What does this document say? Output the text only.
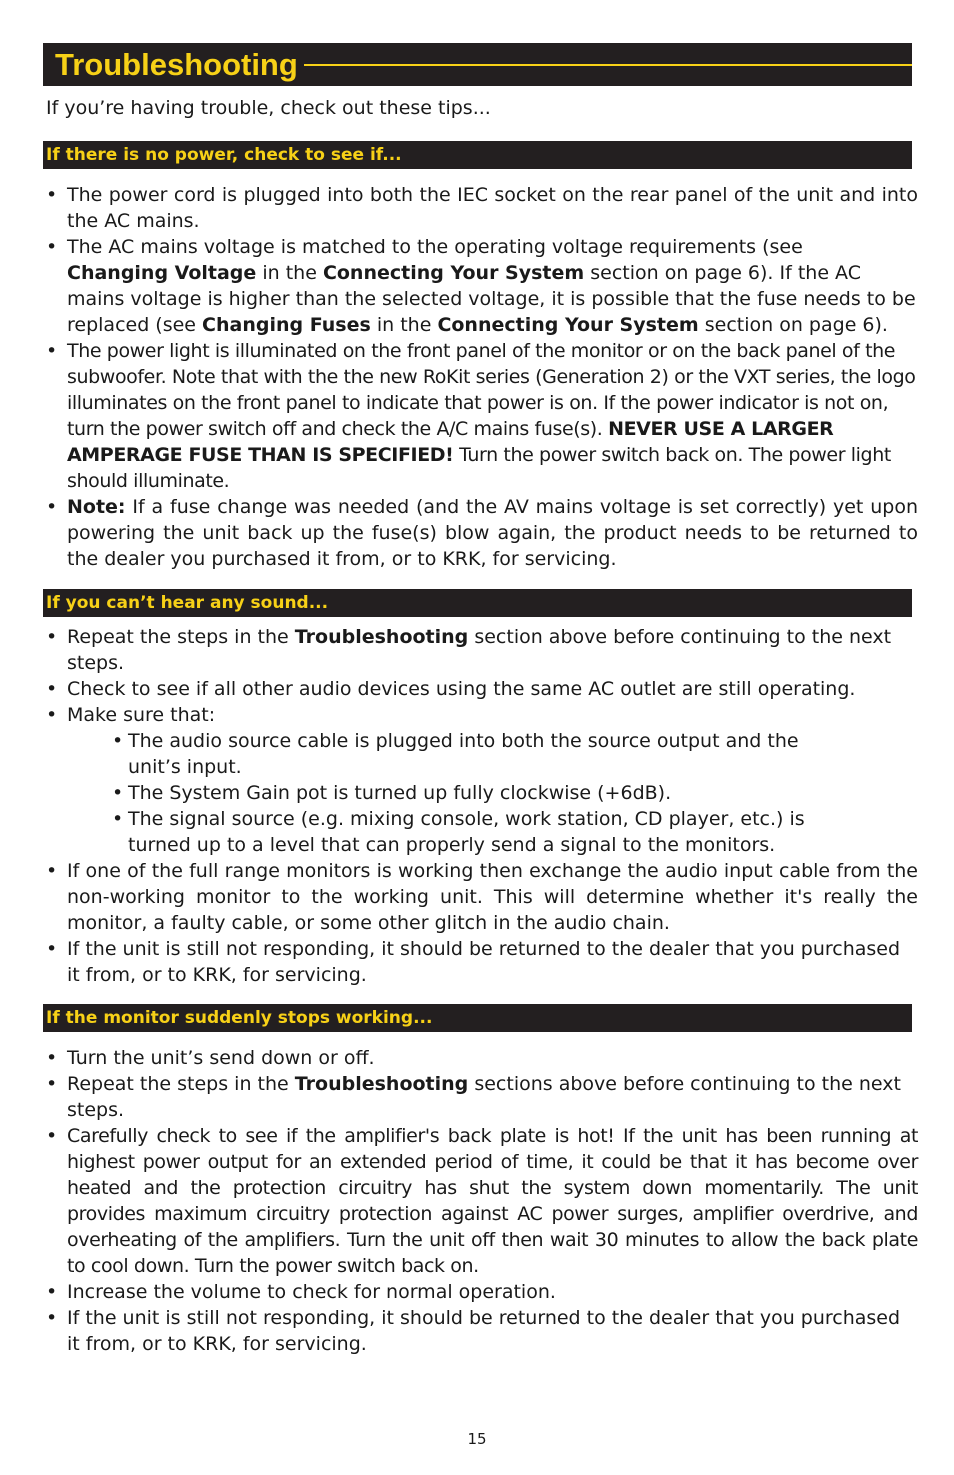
Troubleshooting

If you’re having trouble, check out these tips...

If there is no power, check to see if...
• The power cord is plugged into both the IEC socket on the rear panel of the unit and into the AC mains.
• The AC mains voltage is matched to the operating voltage requirements (see
Changing Voltage in the Connecting Your System section on page 6). If the AC mains voltage is higher than the selected voltage, it is possible that the fuse needs to be replaced (see Changing Fuses in the Connecting Your System section on page 6).
• The power light is illuminated on the front panel of the monitor or on the back panel of the subwoofer. Note that with the the new RoKit series (Generation 2) or the VXT series, the logo illuminates on the front panel to indicate that power is on. If the power indicator is not on, turn the power switch off and check the A/C mains fuse(s). NEVER USE A LARGER AMPERAGE FUSE THAN IS SPECIFIED! Turn the power switch back on. The power light should illuminate.
• Note: If a fuse change was needed (and the AV mains voltage is set correctly) yet upon powering the unit back up the fuse(s) blow again, the product needs to be returned to the dealer you purchased it from, or to KRK, for servicing.
If you can’t hear any sound...
• Repeat the steps in the Troubleshooting section above before continuing to the next steps.
• Check to see if all other audio devices using the same AC outlet are still operating.
• Make sure that:
• The audio source cable is plugged into both the source output and the unit’s input.
• The System Gain pot is turned up fully clockwise (+6dB).
• The signal source (e.g. mixing console, work station, CD player, etc.) is turned up to a level that can properly send a signal to the monitors.
• If one of the full range monitors is working then exchange the audio input cable from the non-working monitor to the working unit. This will determine whether it's really the monitor, a faulty cable, or some other glitch in the audio chain.
• If the unit is still not responding, it should be returned to the dealer that you purchased it from, or to KRK, for servicing.
If the monitor suddenly stops working...
• Turn the unit’s send down or off.
• Repeat the steps in the Troubleshooting sections above before continuing to the next steps.
• Carefully check to see if the amplifier's back plate is hot! If the unit has been running at highest power output for an extended period of time, it could be that it has become over heated and the protection circuitry has shut the system down momentarily. The unit provides maximum circuitry protection against AC power surges, amplifier overdrive, and overheating of the amplifiers. Turn the unit off then wait 30 minutes to allow the back plate to cool down. Turn the power switch back on.
• Increase the volume to check for normal operation.
• If the unit is still not responding, it should be returned to the dealer that you purchased it from, or to KRK, for servicing.
15
